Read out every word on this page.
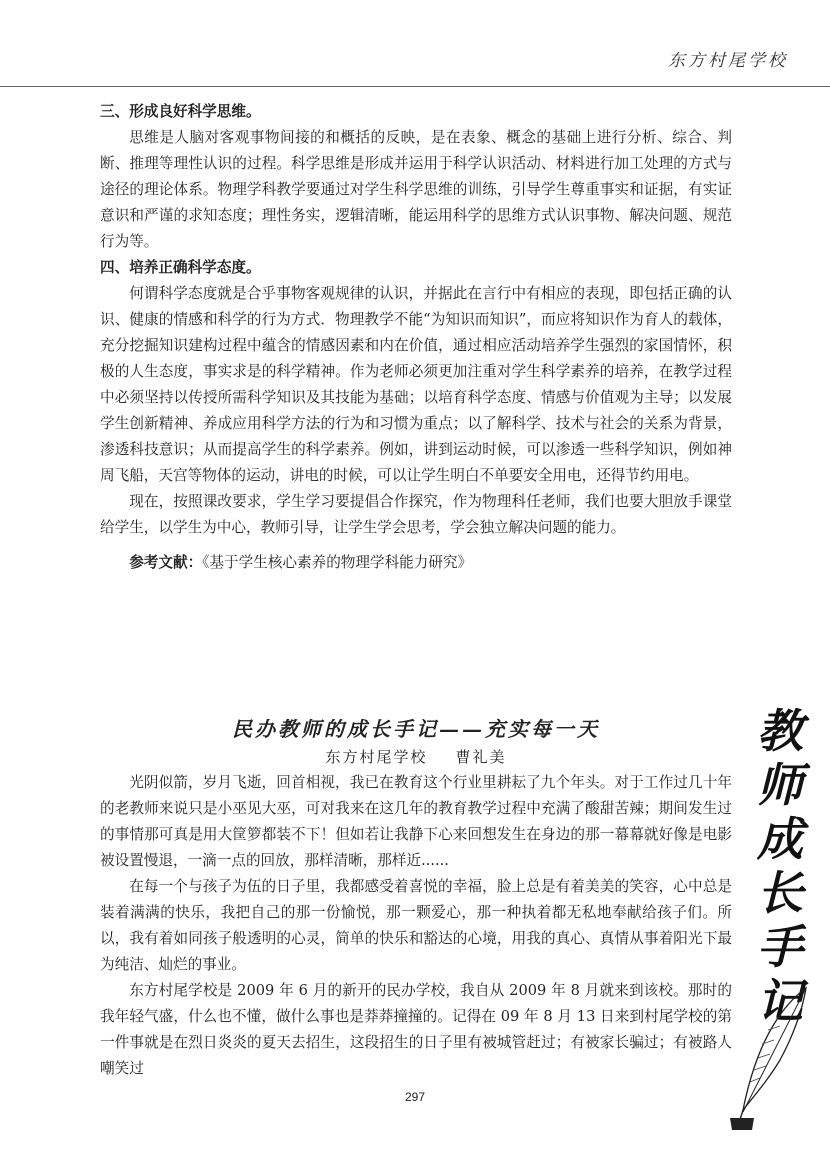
东方村尾学校

三、形成良好科学思维。

思维是人脑对客观事物间接的和概括的反映，是在表象、概念的基础上进行分析、综合、判断、推理等理性认识的过程。科学思维是形成并运用于科学认识活动、材料进行加工处理的方式与途径的理论体系。物理学科教学要通过对学生科学思维的训练，引导学生尊重事实和证据，有实证意识和严谨的求知态度；理性务实，逻辑清晰，能运用科学的思维方式认识事物、解决问题、规范行为等。

四、培养正确科学态度。

何谓科学态度就是合乎事物客观规律的认识，并据此在言行中有相应的表现，即包括正确的认识、健康的情感和科学的行为方式．物理教学不能“为知识而知识”，而应将知识作为育人的载体，充分挖掘知识建构过程中蕴含的情感因素和内在价值，通过相应活动培养学生强烈的家国情怀，积极的人生态度，事实求是的科学精神。作为老师必须更加注重对学生科学素养的培养，在教学过程中必须坚持以传授所需科学知识及其技能为基础；以培育科学态度、情感与价值观为主导；以发展学生创新精神、养成应用科学方法的行为和习惯为重点；以了解科学、技术与社会的关系为背景，渗透科技意识；从而提高学生的科学素养。例如，讲到运动时候，可以渗透一些科学知识，例如神周飞船，天宫等物体的运动，讲电的时候，可以让学生明白不单要安全用电，还得节约用电。

现在，按照课改要求，学生学习要提倡合作探究，作为物理科任老师，我们也要大胆放手课堂给学生，以学生为中心，教师引导，让学生学会思考，学会独立解决问题的能力。

参考文献：《基于学生核心素养的物理学科能力研究》

民办教师的成长手记——充实每一天
东方村尾学校 曹礼美

光阴似箭，岁月飞逝，回首相视，我已在教育这个行业里耕耘了九个年头。对于工作过几十年的老教师来说只是小巫见大巫，可对我来在这几年的教育教学过程中充满了酸甜苦辣；期间发生过的事情那可真是用大筐箩都装不下！但如若让我静下心来回想发生在身边的那一幕幕就好像是电影被设置慢退，一滴一点的回放，那样清晰，那样近......

在每一个与孩子为伍的日子里，我都感受着喜悦的幸福，脸上总是有着美美的笑容，心中总是装着满满的快乐，我把自己的那一份愉悦，那一颗爱心，那一种执着都无私地奉献给孩子们。所以，我有着如同孩子般透明的心灵，简单的快乐和豁达的心境，用我的真心、真情从事着阳光下最为纯洁、灿烂的事业。

东方村尾学校是 2009 年 6 月的新开的民办学校，我自从 2009 年 8 月就来到该校。那时的我年轻气盛，什么也不懂，做什么事也是莽莽撞撞的。记得在 09 年 8 月 13 日来到村尾学校的第一件事就是在烈日炎炎的夏天去招生，这段招生的日子里有被城管赶过；有被家长骗过；有被路人嘲笑过

教
师
成
长
手
记
297
